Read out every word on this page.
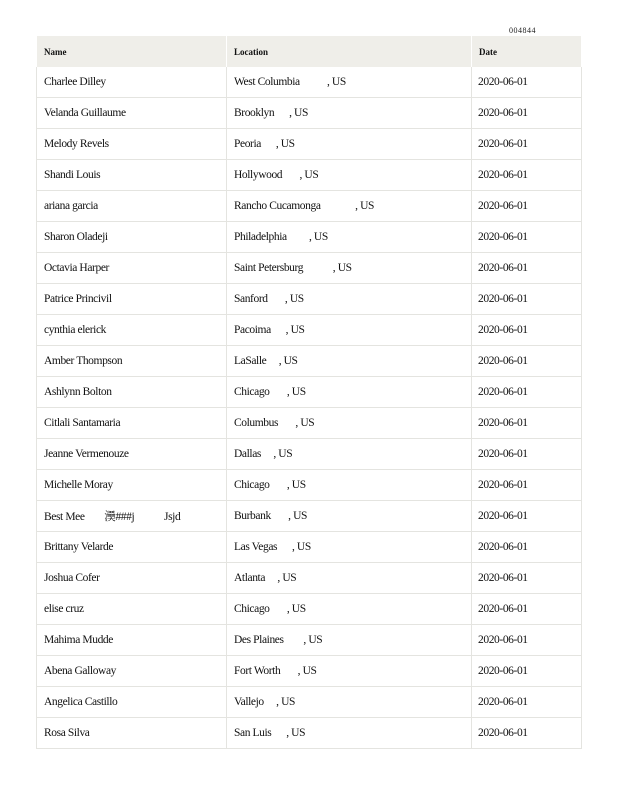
004844
Name	Location	Date
Charlee Dilley	West Columbia           , US	2020-06-01
Velanda Guillaume	Brooklyn      , US	2020-06-01
Melody Revels	Peoria      , US	2020-06-01
Shandi Louis	Hollywood       , US	2020-06-01
ariana garcia	Rancho Cucamonga              , US	2020-06-01
Sharon Oladeji	Philadelphia         , US	2020-06-01
Octavia Harper	Saint Petersburg            , US	2020-06-01
Patrice Princivil	Sanford       , US	2020-06-01
cynthia elerick	Pacoima      , US	2020-06-01
Amber Thompson	LaSalle     , US	2020-06-01
Ashlynn Bolton	Chicago       , US	2020-06-01
Citlali Santamaria	Columbus       , US	2020-06-01
Jeanne Vermenouze	Dallas     , US	2020-06-01
Michelle Moray	Chicago       , US	2020-06-01
Best Mee        㶔###j            Jsjd	Burbank       , US	2020-06-01
Brittany Velarde	Las Vegas      , US	2020-06-01
Joshua Cofer	Atlanta     , US	2020-06-01
elise cruz	Chicago       , US	2020-06-01
Mahima Mudde	Des Plaines        , US	2020-06-01
Abena Galloway	Fort Worth       , US	2020-06-01
Angelica Castillo	Vallejo     , US	2020-06-01
Rosa Silva	San Luis      , US	2020-06-01
